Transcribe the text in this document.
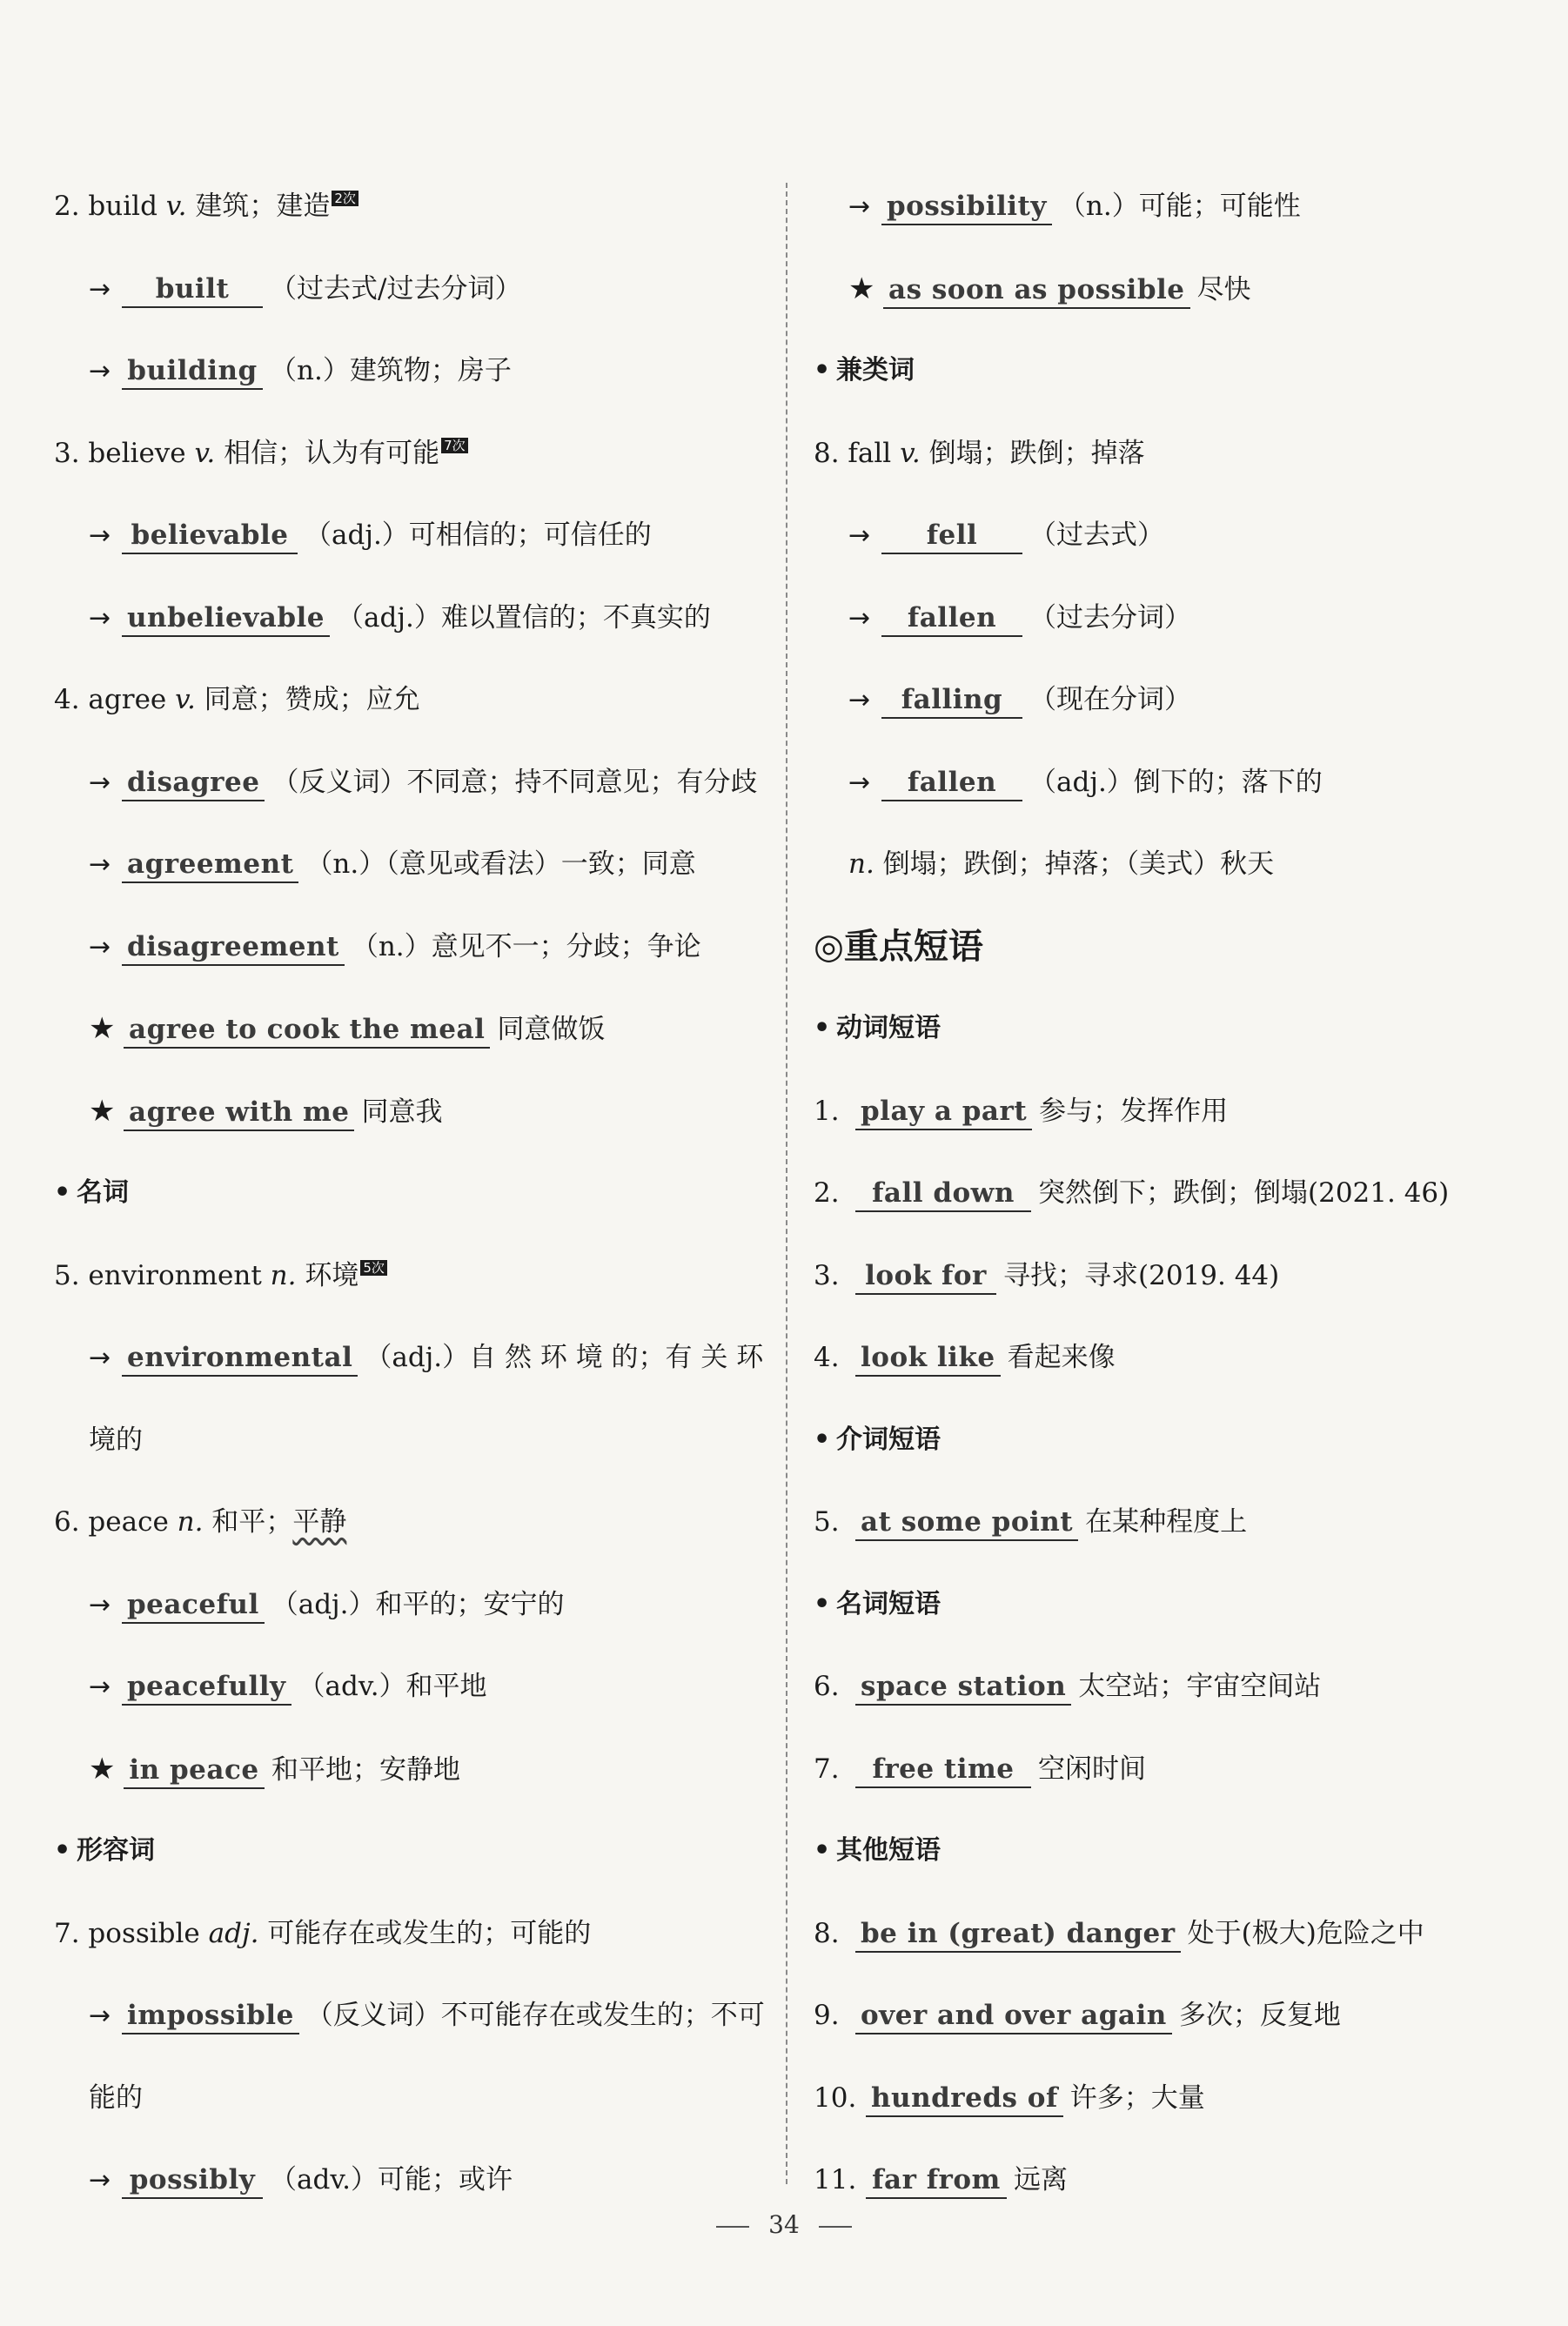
2. build v. 建筑；建造 2次
→ built （过去式/过去分词）
→ building （n.）建筑物；房子
3. believe v. 相信；认为有可能 7次
→ believable （adj.）可相信的；可信任的
→ unbelievable （adj.）难以置信的；不真实的
4. agree v. 同意；赞成；应允
→ disagree （反义词）不同意；持不同意见；有分歧
→ agreement （n.）（意见或看法）一致；同意
→ disagreement （n.）意见不一；分歧；争论
★ agree to cook the meal 同意做饭
★ agree with me 同意我
• 名词
5. environment n. 环境 5次
→ environmental （adj.）自 然 环 境 的；有 关 环
境的
6. peace n. 和平；平静
→ peaceful （adj.）和平的；安宁的
→ peacefully （adv.）和平地
★ in peace 和平地；安静地
• 形容词
7. possible adj. 可能存在或发生的；可能的
→ impossible （反义词）不可能存在或发生的；不可
能的
→ possibly （adv.）可能；或许
→ possibility （n.）可能；可能性
★ as soon as possible 尽快
• 兼类词
8. fall v. 倒塌；跌倒；掉落
→ fell （过去式）
→ fallen （过去分词）
→ falling （现在分词）
→ fallen （adj.）倒下的；落下的
n. 倒塌；跌倒；掉落；（美式）秋天
◎重点短语
• 动词短语
1. play a part 参与；发挥作用
2. fall down 突然倒下；跌倒；倒塌(2021. 46)
3. look for 寻找；寻求(2019. 44)
4. look like 看起来像
• 介词短语
5. at some point 在某种程度上
• 名词短语
6. space station 太空站；宇宙空间站
7. free time 空闲时间
• 其他短语
8. be in (great) danger 处于(极大)危险之中
9. over and over again 多次；反复地
10. hundreds of 许多；大量
11. far from 远离
34
